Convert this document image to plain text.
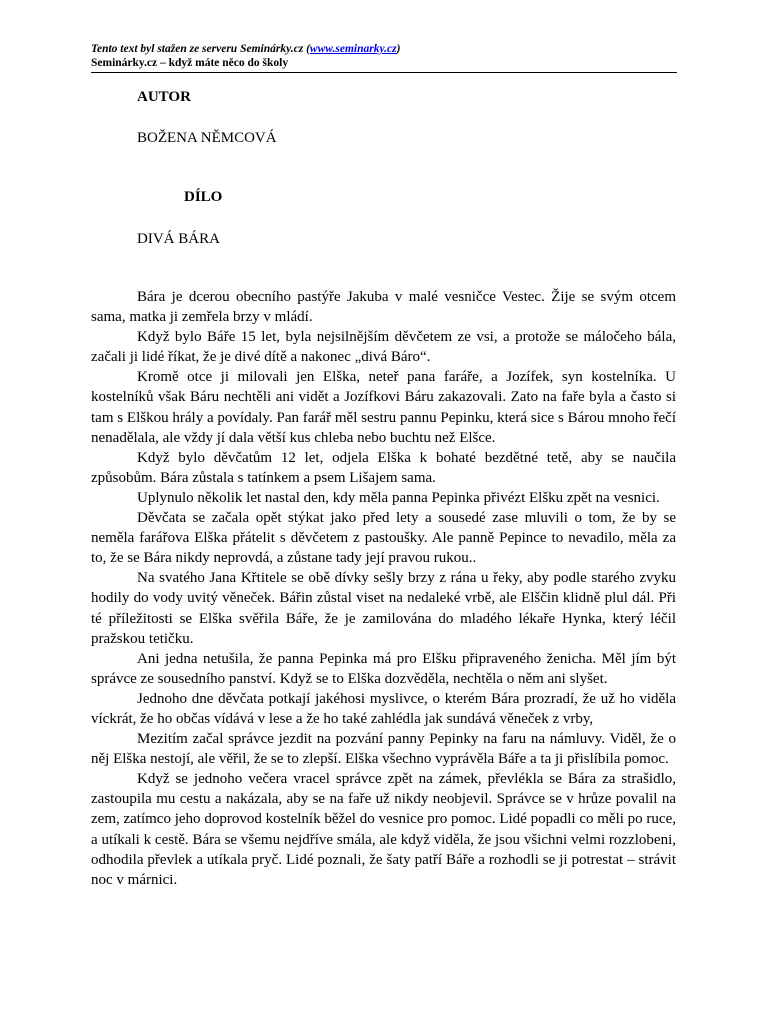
Tento text byl stažen ze serveru Seminárky.cz (www.seminarky.cz)
Seminárky.cz – když máte něco do školy
AUTOR
BOŽENA NĚMCOVÁ
DÍLO
DIVÁ BÁRA

Bára je dcerou obecního pastýře Jakuba v malé vesničce Vestec. Žije se svým otcem sama, matka ji zemřela brzy v mládí.

Když bylo Báře 15 let, byla nejsilnějším děvčetem ze vsi, a protože se máločeho bála, začali ji lidé říkat, že je divé dítě a nakonec „divá Báro“.

Kromě otce ji milovali jen Elška, neteř pana faráře, a Jozífek, syn kostelníka. U kostelníků však Báru nechtěli ani vidět a Jozífkovi Báru zakazovali. Zato na faře byla a často si tam s Elškou hrály a povídaly. Pan farář měl sestru pannu Pepinku, která sice s Bárou mnoho řečí nenadělala, ale vždy jí dala větší kus chleba nebo buchtu než Elšce.

Když bylo děvčatům 12 let, odjela Elška k bohaté bezdětné tetě, aby se naučila způsobům. Bára zůstala s tatínkem a psem Lišajem sama.

Uplynulo několik let nastal den, kdy měla panna Pepinka přivézt Elšku zpět na vesnici.

Děvčata se začala opět stýkat jako před lety a sousedé zase mluvili o tom, že by se neměla farářova Elška přátelit s děvčetem z pastoušky. Ale panně Pepince to nevadilo, měla za to, že se Bára nikdy neprovdá, a zůstane tady její pravou rukou..

Na svatého Jana Křtitele se obě dívky sešly brzy z rána u řeky, aby podle starého zvyku hodily do vody uvitý věneček. Bářin zůstal viset na nedaleké vrbě, ale Elščin klidně plul dál. Při té příležitosti se Elška svěřila Báře, že je zamilována do mladého lékaře Hynka, který léčil pražskou tetičku.

Ani jedna netušila, že panna Pepinka má pro Elšku připraveného ženicha. Měl jím být správce ze sousedního panství. Když se to Elška dozvěděla, nechtěla o něm ani slyšet.

Jednoho dne děvčata potkají jakéhosi myslivce, o kterém Bára prozradí, že už ho viděla víckrát, že ho občas vídává v lese a že ho také zahlédla jak sundává věneček z vrby,

Mezitím začal správce jezdit na pozvání panny Pepinky na faru na námluvy. Viděl, že o něj Elška nestojí, ale věřil, že se to zlepší. Elška všechno vyprávěla Báře a ta ji přislíbila pomoc.

Když se jednoho večera vracel správce zpět na zámek, převlékla se Bára za strašidlo, zastoupila mu cestu a nakázala, aby se na faře už nikdy neobjevil. Správce se v hrůze povalil na zem, zatímco jeho doprovod kostelník běžel do vesnice pro pomoc. Lidé popadli co měli po ruce, a utíkali k cestě. Bára se všemu nejdříve smála, ale když viděla, že jsou všichni velmi rozzlobeni, odhodila převlek a utíkala pryč. Lidé poznali, že šaty patří Báře a rozhodli se ji potrestat – strávit noc v márnici.
